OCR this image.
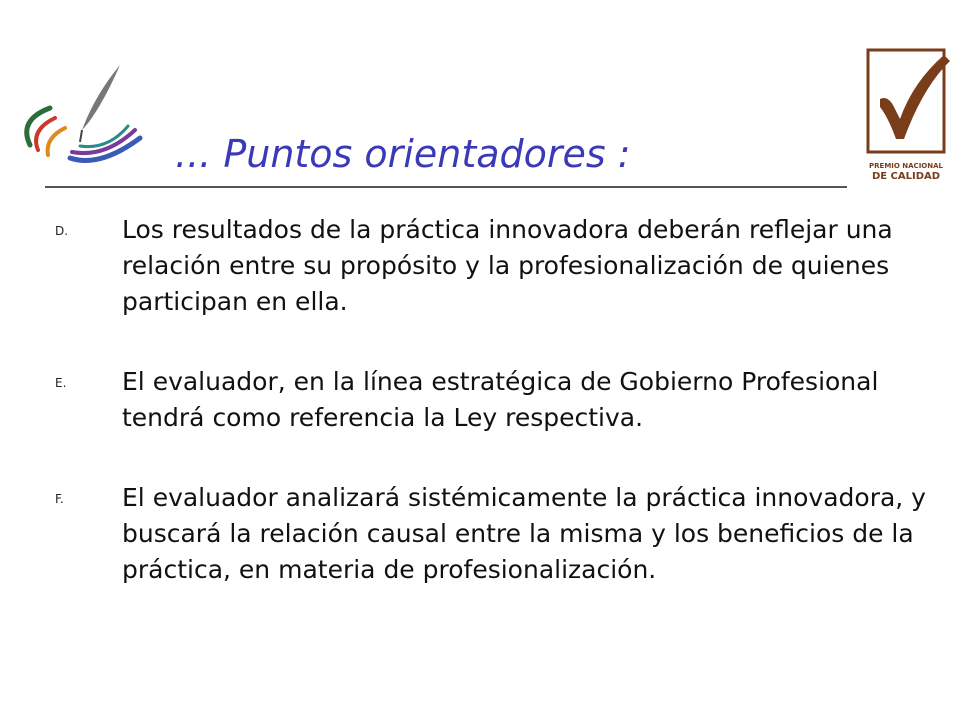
... Puntos orientadores :	PREMIO NACIONAL
DE CALIDAD
D. Los resultados de la práctica innovadora deberán reflejar una relación entre su propósito y la profesionalización de quienes participan en ella.
E. El evaluador, en la línea estratégica de Gobierno Profesional tendrá como referencia la Ley respectiva.
F. El evaluador analizará sistémicamente la práctica innovadora, y buscará la relación causal entre la misma y los beneficios de la práctica, en materia de profesionalización.
